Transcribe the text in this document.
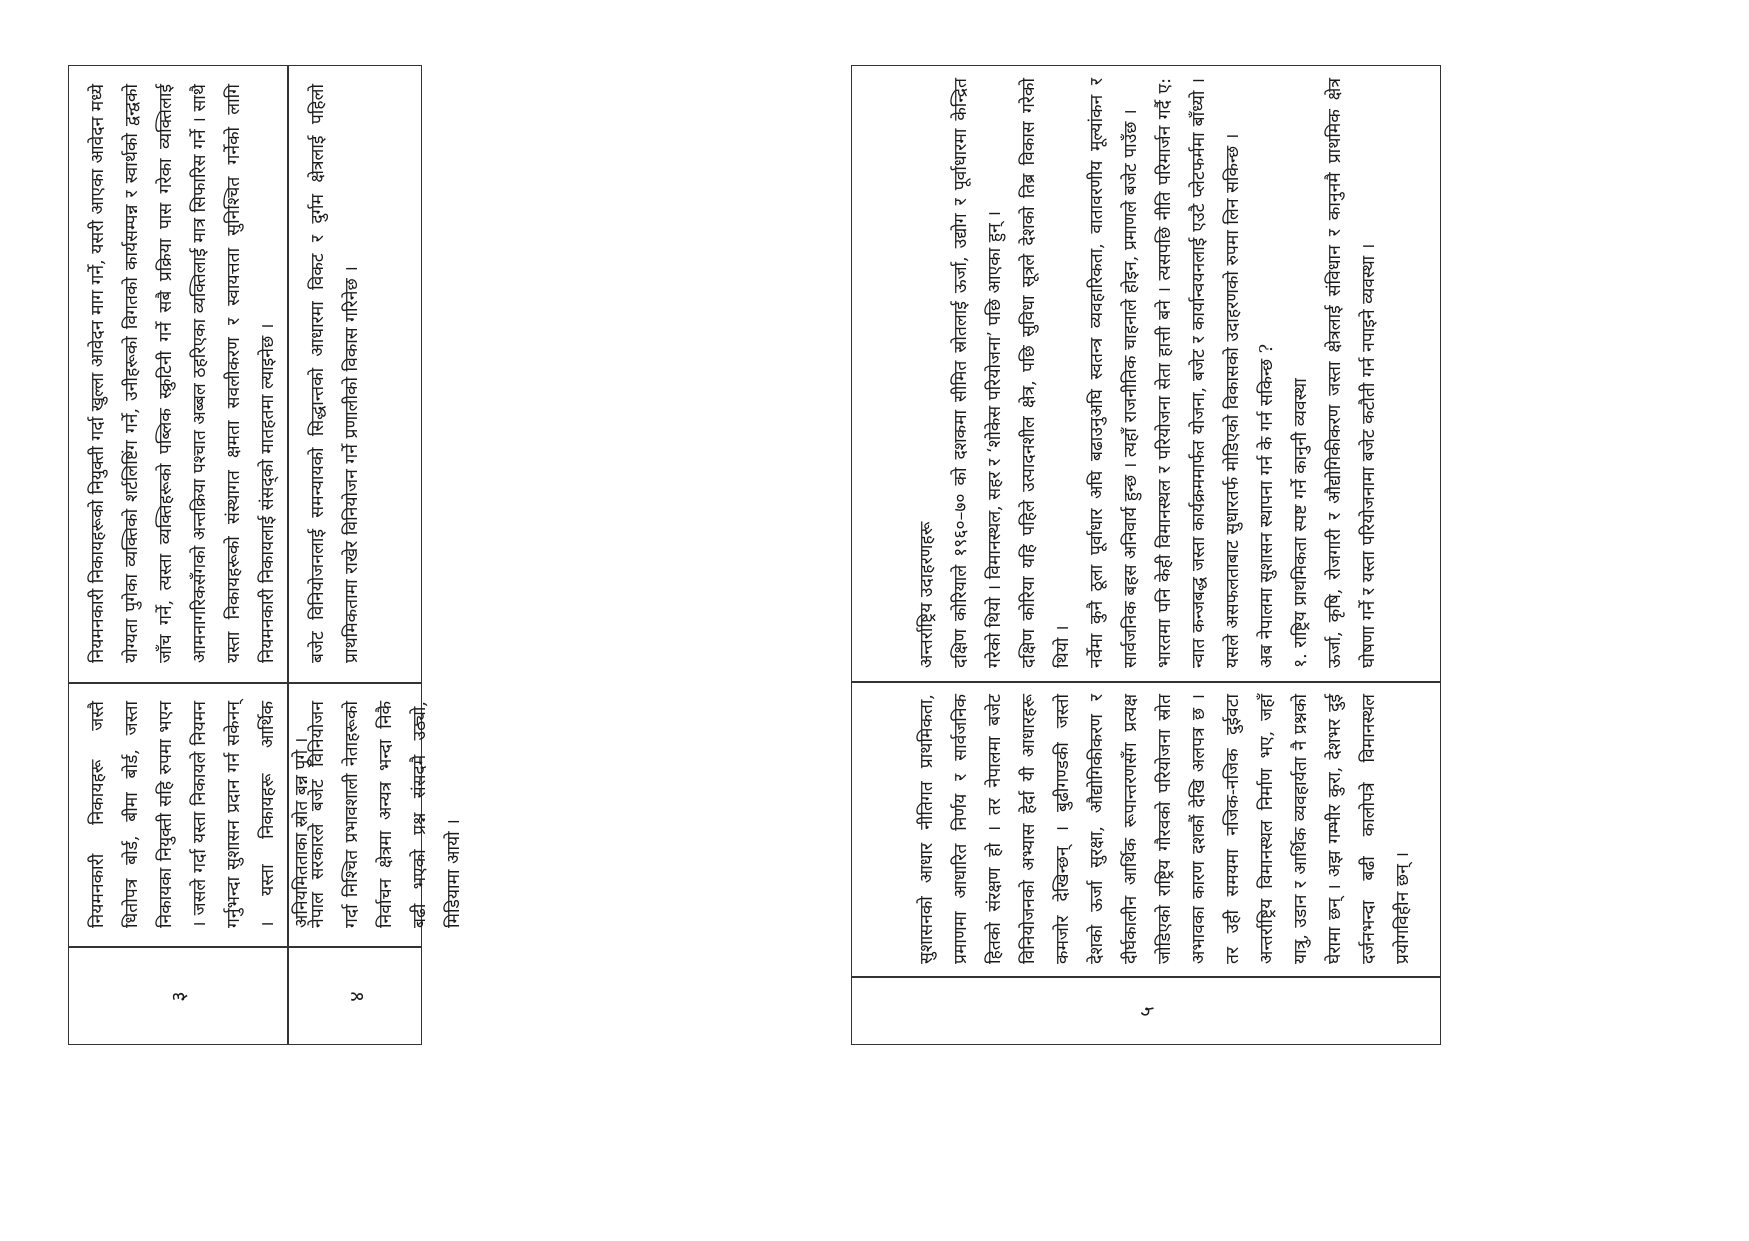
३
नियमनकारी निकायहरू जस्तै धितोपत्र बोर्ड, बीमा बोर्ड, जस्ता निकायका नियुक्ती सहि रुपमा भएन । जसले गर्दा यस्ता निकायले नियमन गर्नुभन्दा सुशासन प्रदान गर्न सकेनन् । यस्ता निकायहरू आर्थिक अनियमितताका स्रोत बन्न पुगे ।
नियमनकारी निकायहरूको नियुक्ती गर्दा खुल्ला आवेदन माग गर्ने, यसरी आएका आवेदन मध्ये योग्यता पुगेका व्यक्तिको शर्टलिष्टिंग गर्ने, उनीहरूको विगतको कार्यसम्पन्न र स्वार्थको द्वन्द्वको जाँच गर्ने, त्यस्ता व्यक्तिहरूको पब्लिक स्क्रुटिनी गर्ने सबै प्रक्रिया पास गरेका व्यक्तिलाई आमनागरिकसँगको अन्तक्रिया पश्चात अब्बल ठहरिएका व्यक्तिलाई मात्र सिफारिस गर्ने । साथै यस्ता निकायहरूको संस्थागत क्षमता सवलीकरण र स्वायत्तता सुनिश्चित गर्नेको लागि नियमनकारी निकायलाई संसद्को मातहतमा ल्याइनेछ ।
४
नेपाल सरकारले बजेट विनियोजन गर्दा निश्चित प्रभावशाली नेताहरूको निर्वाचन क्षेत्रमा अन्यत्र भन्दा निकै बढी भएको प्रश्न संसदमै उठ्यो, मिडियामा आयो ।
बजेट विनियोजनलाई समन्यायको सिद्धान्तको आधारमा विकट र दुर्गम क्षेत्रलाई पहिलो प्राथमिकतामा राखेर विनियोजन गर्ने प्रणालीको विकास गरिनेछ ।
५
सुशासनको आधार नीतिगत प्राथमिकता, प्रमाणमा आधारित निर्णय र सार्वजनिक हितको संरक्षण हो । तर नेपालमा बजेट विनियोजनको अभ्यास हेर्दा यी आधारहरू कमजोर देखिन्छन् । बुढीगण्डकी जस्तो देशको ऊर्जा सुरक्षा, औद्योगिकीकरण र दीर्घकालीन आर्थिक रूपान्तरणसँग प्रत्यक्ष जोडिएको राष्ट्रिय गौरवको परियोजना स्रोत अभावका कारण दशकौं देखि अलपत्र छ । तर उही समयमा नजिक-नजिक दुईवटा अन्तर्राष्ट्रिय विमानस्थल निर्माण भए, जहाँ यात्रु, उडान र आर्थिक व्यवहार्यता नै प्रश्नको घेरामा छन् । अझ गम्भीर कुरा, देशभर दुई दर्जनभन्दा बढी कालोपत्रे विमानस्थल प्रयोगविहीन छन् ।
अन्तर्राष्ट्रिय उदाहरणहरू
दक्षिण कोरियाले १९६०–७० को दशकमा सीमित स्रोतलाई ऊर्जा, उद्योग र पूर्वाधारमा केन्द्रित गरेको थियो । विमानस्थल, सहर र ‘शोकेस परियोजना’ पछि आएका हुन् ।
दक्षिण कोरिया यहि पहिले उत्पादनशील क्षेत्र, पछि सुविधा सूत्रले देशको तिब्र विकास गरेको थियो ।
नर्वेमा कुनै ठूला पूर्वाधार अघि बढाउनुअघि स्वतन्त्र व्यवहारिकता, वातावरणीय मूल्यांकन र सार्वजनिक बहस अनिवार्य हुन्छ । त्यहाँ राजनीतिक चाहनाले होइन, प्रमाणले बजेट पाउँछ ।
भारतमा पनि केही विमानस्थल र परियोजना सेता हात्ती बने । त्यसपछि नीति परिमार्जन गर्दै ए: न्वात कन्जबद्ध जस्ता कार्यक्रममार्फत योजना, बजेट र कार्यान्वयनलाई एउटै प्लेटफर्ममा बाँध्यो । यसले असफलताबाट सुधारतर्फ मोडिएको विकासको उदाहरणको रुपमा लिन सकिन्छ ।
अब नेपालमा सुशासन स्थापना गर्न के गर्न सकिन्छ ?
१. राष्ट्रिय प्राथमिकता स्पष्ट गर्ने कानुनी व्यवस्था
ऊर्जा, कृषि, रोजगारी र औद्योगिकीकरण जस्ता क्षेत्रलाई संविधान र कानुनमै प्राथमिक क्षेत्र घोषणा गर्ने र यस्ता परियोजनामा बजेट कटौती गर्न नपाइने व्यवस्था ।
